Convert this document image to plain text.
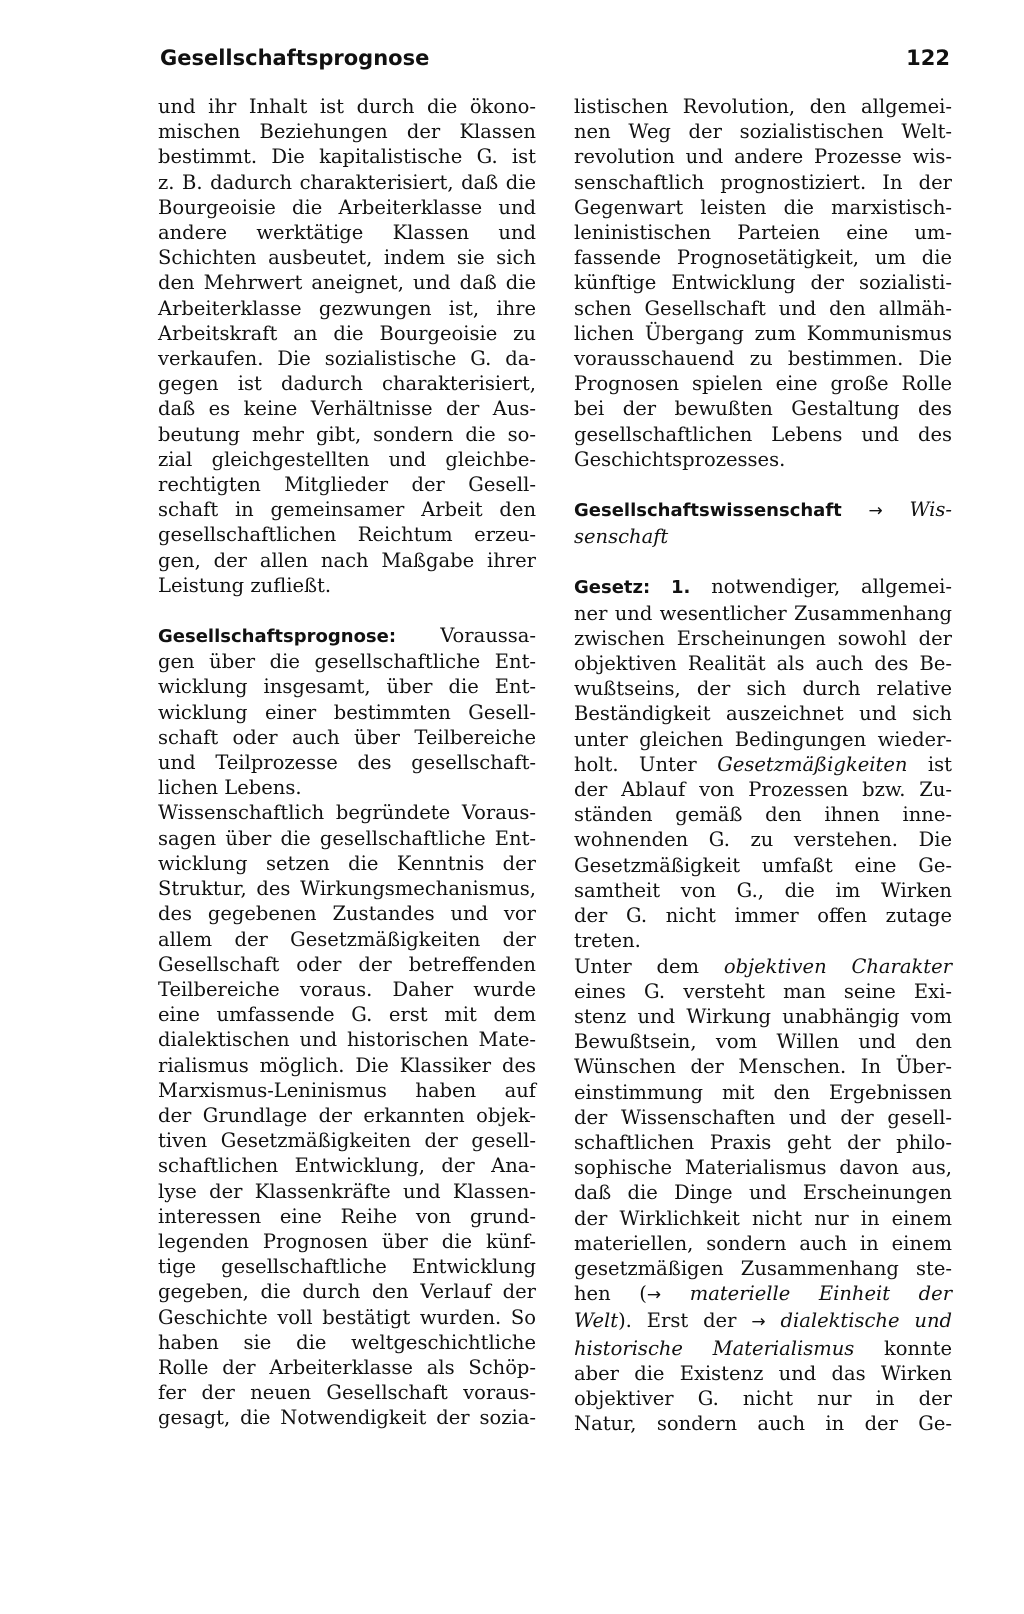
Gesellschaftsprognose	122
und ihr Inhalt ist durch die ökono-
mischen Beziehungen der Klassen
bestimmt. Die kapitalistische G. ist
z. B. dadurch charakterisiert, daß die
Bourgeoisie die Arbeiterklasse und
andere werktätige Klassen und
Schichten ausbeutet, indem sie sich
den Mehrwert aneignet, und daß die
Arbeiterklasse gezwungen ist, ihre
Arbeitskraft an die Bourgeoisie zu
verkaufen. Die sozialistische G. da-
gegen ist dadurch charakterisiert,
daß es keine Verhältnisse der Aus-
beutung mehr gibt, sondern die so-
zial gleichgestellten und gleichbe-
rechtigten Mitglieder der Gesell-
schaft in gemeinsamer Arbeit den
gesellschaftlichen Reichtum erzeu-
gen, der allen nach Maßgabe ihrer
Leistung zufließt.
Gesellschaftsprognose: Voraussa-
gen über die gesellschaftliche Ent-
wicklung insgesamt, über die Ent-
wicklung einer bestimmten Gesell-
schaft oder auch über Teilbereiche
und Teilprozesse des gesellschaft-
lichen Lebens.
Wissenschaftlich begründete Voraus-
sagen über die gesellschaftliche Ent-
wicklung setzen die Kenntnis der
Struktur, des Wirkungsmechanismus,
des gegebenen Zustandes und vor
allem der Gesetzmäßigkeiten der
Gesellschaft oder der betreffenden
Teilbereiche voraus. Daher wurde
eine umfassende G. erst mit dem
dialektischen und historischen Mate-
rialismus möglich. Die Klassiker des
Marxismus-Leninismus haben auf
der Grundlage der erkannten objek-
tiven Gesetzmäßigkeiten der gesell-
schaftlichen Entwicklung, der Ana-
lyse der Klassenkräfte und Klassen-
interessen eine Reihe von grund-
legenden Prognosen über die künf-
tige gesellschaftliche Entwicklung
gegeben, die durch den Verlauf der
Geschichte voll bestätigt wurden. So
haben sie die weltgeschichtliche
Rolle der Arbeiterklasse als Schöp-
fer der neuen Gesellschaft voraus-
gesagt, die Notwendigkeit der sozia-
listischen Revolution, den allgemei-
nen Weg der sozialistischen Welt-
revolution und andere Prozesse wis-
senschaftlich prognostiziert. In der
Gegenwart leisten die marxistisch-
leninistischen Parteien eine um-
fassende Prognosetätigkeit, um die
künftige Entwicklung der sozialisti-
schen Gesellschaft und den allmäh-
lichen Übergang zum Kommunismus
vorausschauend zu bestimmen. Die
Prognosen spielen eine große Rolle
bei der bewußten Gestaltung des
gesellschaftlichen Lebens und des
Geschichtsprozesses.
Gesellschaftswissenschaft → Wis-
senschaft
Gesetz: 1. notwendiger, allgemei-
ner und wesentlicher Zusammenhang
zwischen Erscheinungen sowohl der
objektiven Realität als auch des Be-
wußtseins, der sich durch relative
Beständigkeit auszeichnet und sich
unter gleichen Bedingungen wieder-
holt. Unter Gesetzmäßigkeiten ist
der Ablauf von Prozessen bzw. Zu-
ständen gemäß den ihnen inne-
wohnenden G. zu verstehen. Die
Gesetzmäßigkeit umfaßt eine Ge-
samtheit von G., die im Wirken
der G. nicht immer offen zutage
treten.
Unter dem objektiven Charakter
eines G. versteht man seine Exi-
stenz und Wirkung unabhängig vom
Bewußtsein, vom Willen und den
Wünschen der Menschen. In Über-
einstimmung mit den Ergebnissen
der Wissenschaften und der gesell-
schaftlichen Praxis geht der philo-
sophische Materialismus davon aus,
daß die Dinge und Erscheinungen
der Wirklichkeit nicht nur in einem
materiellen, sondern auch in einem
gesetzmäßigen Zusammenhang ste-
hen (→ materielle Einheit der
Welt). Erst der → dialektische und
historische Materialismus konnte
aber die Existenz und das Wirken
objektiver G. nicht nur in der
Natur, sondern auch in der Ge-
